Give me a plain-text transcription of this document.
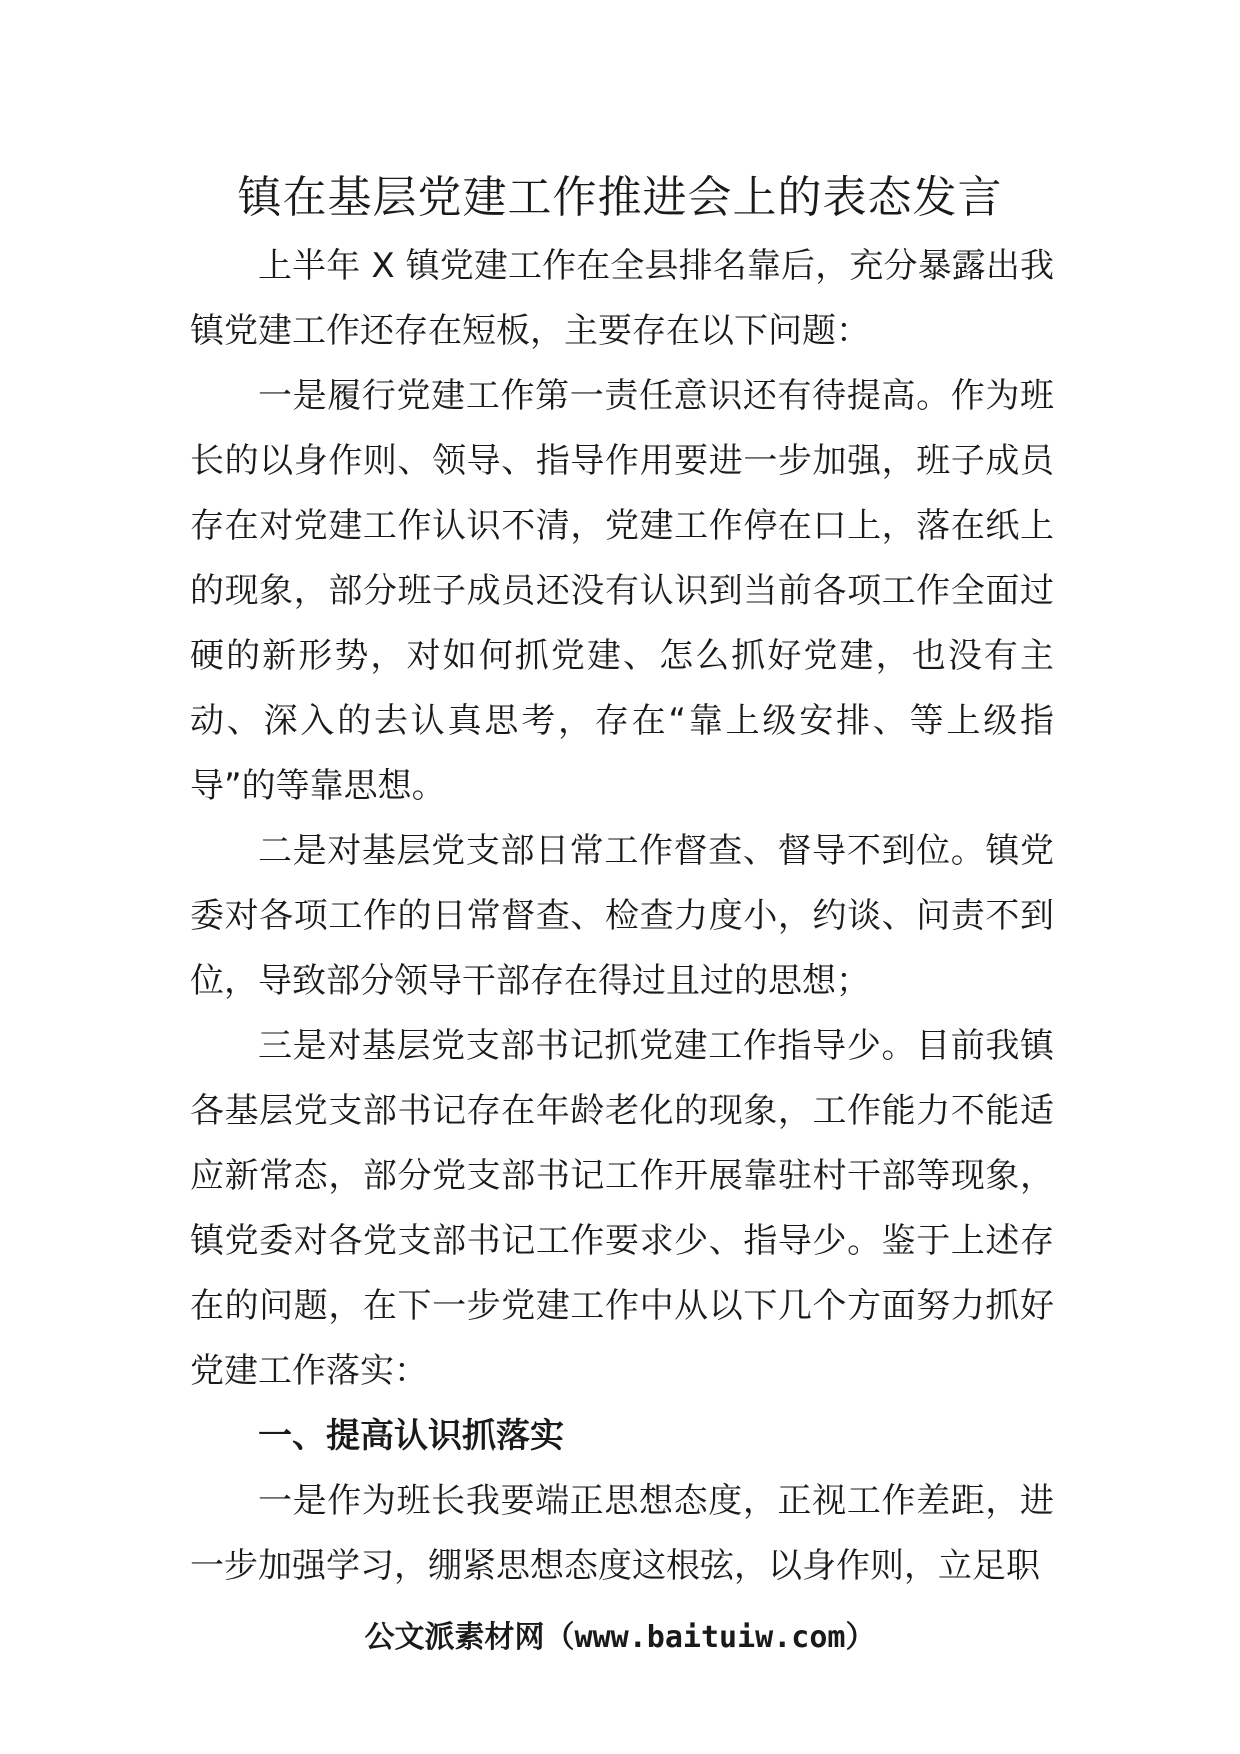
镇在基层党建工作推进会上的表态发言

上半年 X 镇党建工作在全县排名靠后，充分暴露出我镇党建工作还存在短板，主要存在以下问题：

一是履行党建工作第一责任意识还有待提高。作为班长的以身作则、领导、指导作用要进一步加强，班子成员存在对党建工作认识不清，党建工作停在口上，落在纸上的现象，部分班子成员还没有认识到当前各项工作全面过硬的新形势，对如何抓党建、怎么抓好党建，也没有主动、深入的去认真思考，存在“靠上级安排、等上级指导”的等靠思想。

二是对基层党支部日常工作督查、督导不到位。镇党委对各项工作的日常督查、检查力度小，约谈、问责不到位，导致部分领导干部存在得过且过的思想；

三是对基层党支部书记抓党建工作指导少。目前我镇各基层党支部书记存在年龄老化的现象，工作能力不能适应新常态，部分党支部书记工作开展靠驻村干部等现象，镇党委对各党支部书记工作要求少、指导少。鉴于上述存在的问题，在下一步党建工作中从以下几个方面努力抓好党建工作落实：

一、提高认识抓落实

一是作为班长我要端正思想态度，正视工作差距，进一步加强学习，绷紧思想态度这根弦，以身作则，立足职

公文派素材网（www.baituiw.com）
